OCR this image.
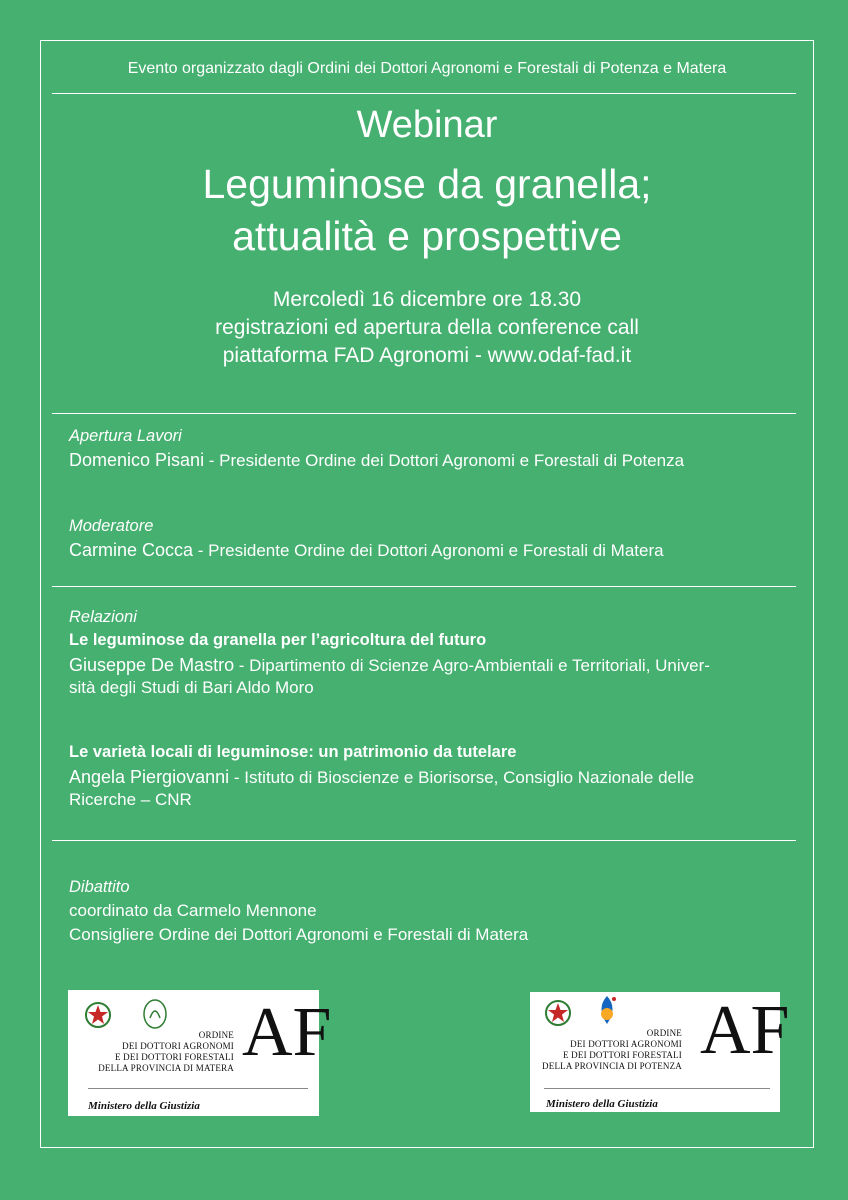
Evento organizzato dagli Ordini dei Dottori Agronomi e Forestali di Potenza e Matera
Webinar
Leguminose da granella;
attualità e prospettive
Mercoledì 16 dicembre ore 18.30
registrazioni ed apertura della conference call
piattaforma FAD Agronomi - www.odaf-fad.it
Apertura Lavori
Domenico Pisani - Presidente Ordine dei Dottori Agronomi e Forestali di Potenza
Moderatore
Carmine Cocca - Presidente Ordine dei Dottori Agronomi e Forestali di Matera
Relazioni
Le leguminose da granella per l’agricoltura del futuro
Giuseppe De Mastro - Dipartimento di Scienze Agro-Ambientali e Territoriali, Univer-
sità degli Studi di Bari Aldo Moro
Le varietà locali di leguminose: un patrimonio da tutelare
Angela Piergiovanni - Istituto di Bioscienze e Biorisorse, Consiglio Nazionale delle
Ricerche – CNR
Dibattito
coordinato da Carmelo Mennone
Consigliere Ordine dei Dottori Agronomi e Forestali di Matera
ORDINE
DEI DOTTORI AGRONOMI
E DEI DOTTORI FORESTALI
DELLA PROVINCIA DI MATERA AF
Ministero della Giustizia
ORDINE
DEI DOTTORI AGRONOMI
E DEI DOTTORI FORESTALI
DELLA PROVINCIA DI POTENZA AF
Ministero della Giustizia
